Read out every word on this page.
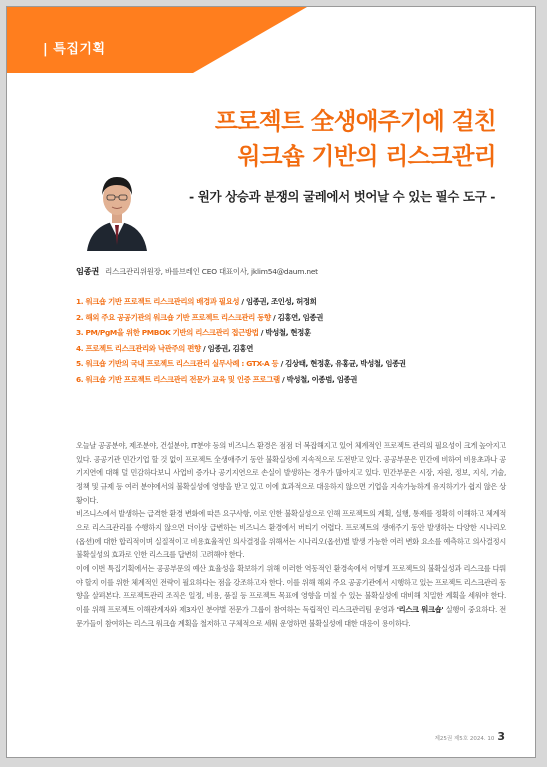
| 특집기획
프로젝트 全생애주기에 걸친
워크숍 기반의 리스크관리
- 원가 상승과 분쟁의 굴레에서 벗어날 수 있는 필수 도구 -
임종권 리스크관리위원장, 바를브레인 CEO 대표이사, jklim54@daum.net
1. 워크숍 기반 프로젝트 리스크관리의 배경과 필요성 / 임종권, 조인성, 허정희
2. 해외 주요 공공기관의 워크숍 기반 프로젝트 리스크관리 동향 / 김홍연, 임종권
3. PM/PgM을 위한 PMBOK 기반의 리스크관리 접근방법 / 박성철, 현정훈
4. 프로젝트 리스크관리와 낙관주의 편향 / 임종권, 김홍연
5. 워크숍 기반의 국내 프로젝트 리스크관리 실무사례 : GTX-A 등 / 김상태, 현정훈, 유홍균, 박성철, 임종권
6. 워크숍 기반 프로젝트 리스크관리 전문가 교육 및 인증 프로그램 / 박성철, 이종범, 임종권

오늘날 공공분야, 제조분야, 건설분야, IT분야 등의 비즈니스 환경은 점점 더 복잡해지고 있어 체계적인 프로젝트 관리의 필요성이 크게 높아지고 있다. 공공기관 민간기업 할 것 없이 프로젝트 全생애주기 동안 불확실성에 지속적으로 도전받고 있다. 공공부문은 민간에 비하여 비용초과나 공기지연에 대해 덜 민감하다보니 사업비 증가나 공기지연으로 손실이 발생하는 경우가 많아지고 있다. 민간부문은 시장, 자원, 정보, 지식, 기술, 정책 및 규제 등 여러 분야에서의 불확실성에 영향을 받고 있고 이에 효과적으로 대응하지 않으면 기업을 지속가능하게 유지하기가 쉽지 않은 상황이다.

비즈니스에서 발생하는 급격한 환경 변화에 따른 요구사항, 이로 인한 불확실성으로 인해 프로젝트의 계획, 실행, 통제를 정확히 이해하고 체계적으로 리스크관리를 수행하지 않으면 더이상 급변하는 비즈니스 환경에서 버티기 어렵다. 프로젝트의 생애주기 동안 발생하는 다양한 시나리오(옵션)에 대한 합리적이며 실질적이고 비용효율적인 의사결정을 위해서는 시나리오(옵션)별 발생 가능한 여러 변화 요소를 예측하고 의사결정시 불확실성의 효과로 인한 리스크를 답변히 고려해야 한다.

이에 이번 특집기획에서는 공공부문의 예산 효율성을 확보하기 위해 이러한 역동적인 환경속에서 어떻게 프로젝트의 불확실성과 리스크를 다뤄야 할지 이를 위한 체계적인 전략이 필요하다는 점을 강조하고자 한다. 이를 위해 해외 주요 공공기관에서 시행하고 있는 프로젝트 리스크관리 동향을 살펴본다. 프로젝트관리 조직은 일정, 비용, 품질 등 프로젝트 목표에 영향을 미칠 수 있는 불확실성에 대비해 치밀한 계획을 세워야 한다. 이를 위해 프로젝트 이해관계자와 제3자인 분야별 전문가 그룹이 참여하는 독립적인 리스크관리팀 운영과 '리스크 워크숍' 실행이 중요하다. 전문가들이 참여하는 리스크 워크숍 계획을 철저하고 구체적으로 세워 운영하면 불확실성에 대한 대응이 용이하다.

제25권 제5호 2024. 10 3
